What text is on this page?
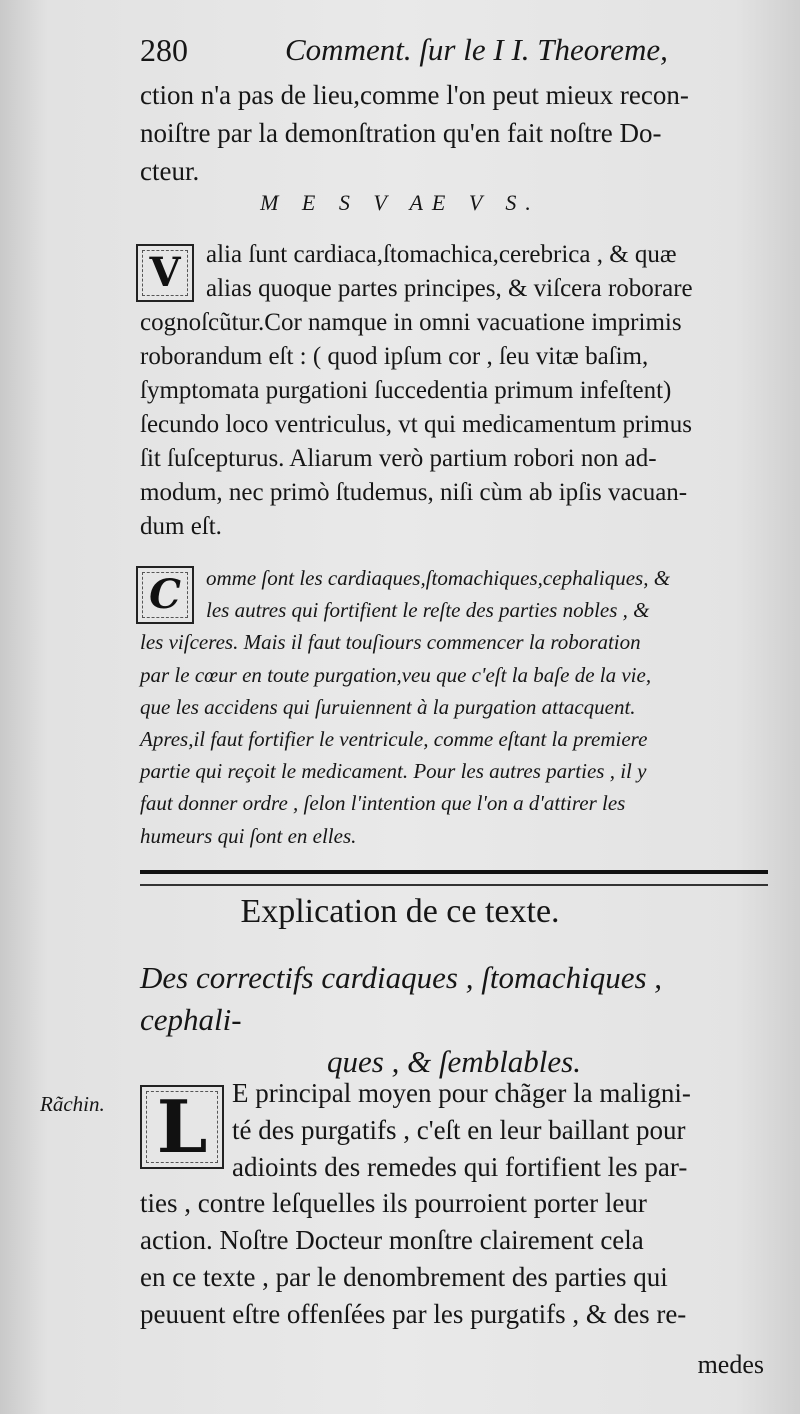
280	Comment. ſur le I I. Theoreme,
ction n'a pas de lieu,comme l'on peut mieux recon-
noiſtre par la demonſtration qu'en fait noſtre Do-
cteur.
M E S V AE V S.
V	alia ſunt cardiaca,ſtomachica,cerebrica , & quæ
alias quoque partes principes, & viſcera roborare
cognoſcũtur.Cor namque in omni vacuatione imprimis
roborandum eſt : ( quod ipſum cor , ſeu vitæ baſim,
ſymptomata purgationi ſuccedentia primum infeſtent)
ſecundo loco ventriculus, vt qui medicamentum primus
ſit ſuſcepturus. Aliarum verò partium robori non ad-
modum, nec primò ſtudemus, niſi cùm ab ipſis vacuan-
dum eſt.
C	omme ſont les cardiaques,ſtomachiques,cephaliques, &
les autres qui fortifient le reſte des parties nobles , &
les viſceres. Mais il faut touſiours commencer la roboration
par le cœur en toute purgation,veu que c'eſt la baſe de la vie,
que les accidens qui ſuruiennent à la purgation attacquent.
Apres,il faut fortifier le ventricule, comme eſtant la premiere
partie qui reçoit le medicament. Pour les autres parties , il y
faut donner ordre , ſelon l'intention que l'on a d'attirer les
humeurs qui ſont en elles.
Explication de ce texte.
Des correctifs cardiaques , ſtomachiques , cephali-
ques , & ſemblables.
Rãchin. L E principal moyen pour chãger la maligni-
té des purgatifs , c'eſt en leur baillant pour
adioints des remedes qui fortifient les par-
ties , contre leſquelles ils pourroient porter leur
action. Noſtre Docteur monſtre clairement cela
en ce texte , par le denombrement des parties qui
peuuent eſtre offenſées par les purgatifs , & des re-
medes
